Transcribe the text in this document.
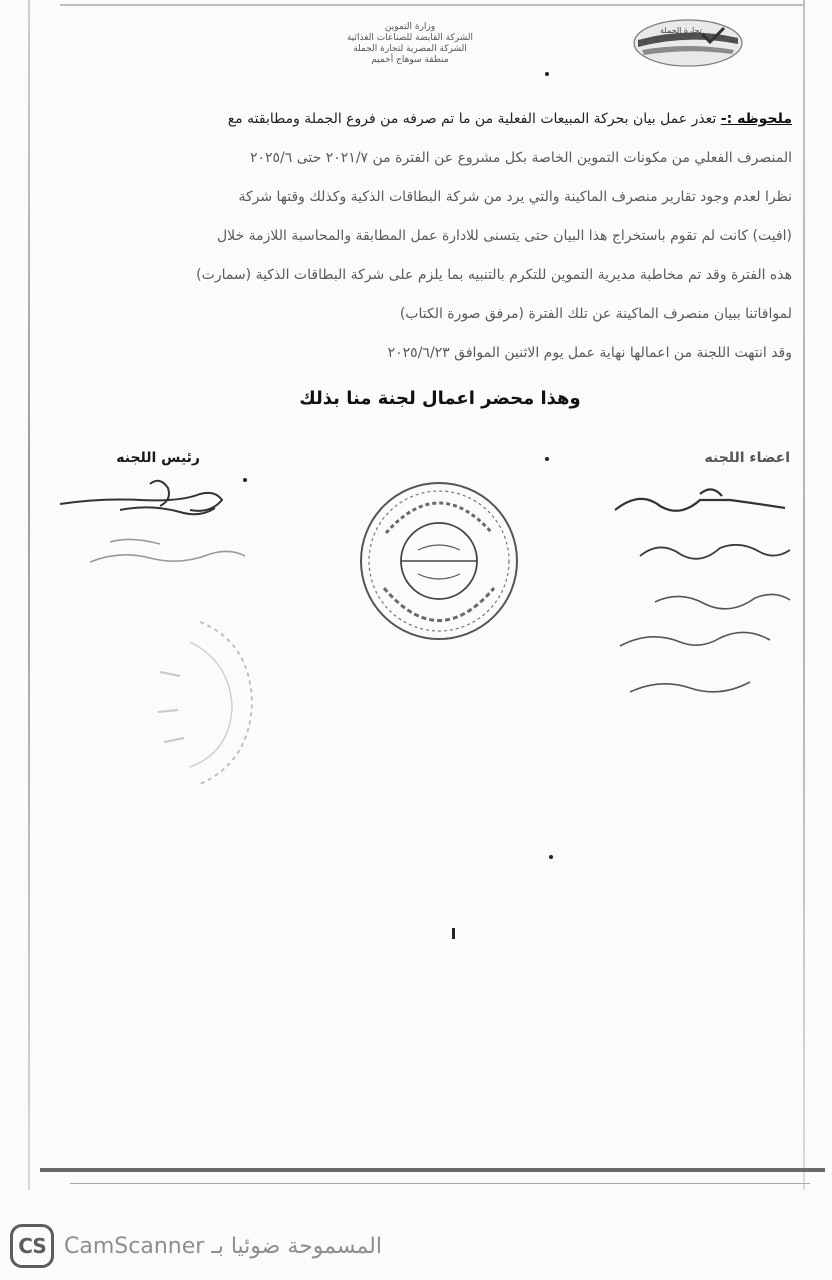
وزارة التموين
الشركة القابضة للصناعات الغذائية
الشركة المصرية لتجارة الجملة
منطقة سوهاج أخميم
تجارة الجملة
ملحوظه :- تعذر عمل بيان بحركة المبيعات الفعلية من ما تم صرفه من فروع الجملة ومطابقته مع
المنصرف الفعلي من مكونات التموين الخاصة بكل مشروع عن الفترة من ٢٠٢١/٧ حتى ٢٠٢٥/٦
نظرا لعدم وجود تقارير منصرف الماكينة والتي يرد من شركة البطاقات الذكية وكذلك وقتها شركة
(افيت) كانت لم تقوم باستخراج هذا البيان حتى يتسنى للادارة عمل المطابقة والمحاسبة اللازمة خلال
هذه الفترة وقد تم مخاطبة مديرية التموين للتكرم بالتنبيه بما يلزم على شركة البطاقات الذكية (سمارت)
لموافاتنا ببيان منصرف الماكينة عن تلك الفترة (مرفق صورة الكتاب)
وقد انتهت اللجنة من اعمالها نهاية عمل يوم الاثنين الموافق ٢٠٢٥/٦/٢٣
وهذا محضر اعمال لجنة منا بذلك
اعضاء اللجنه
رئيس اللجنه
CS CamScanner المسموحة ضوئيا بـ
